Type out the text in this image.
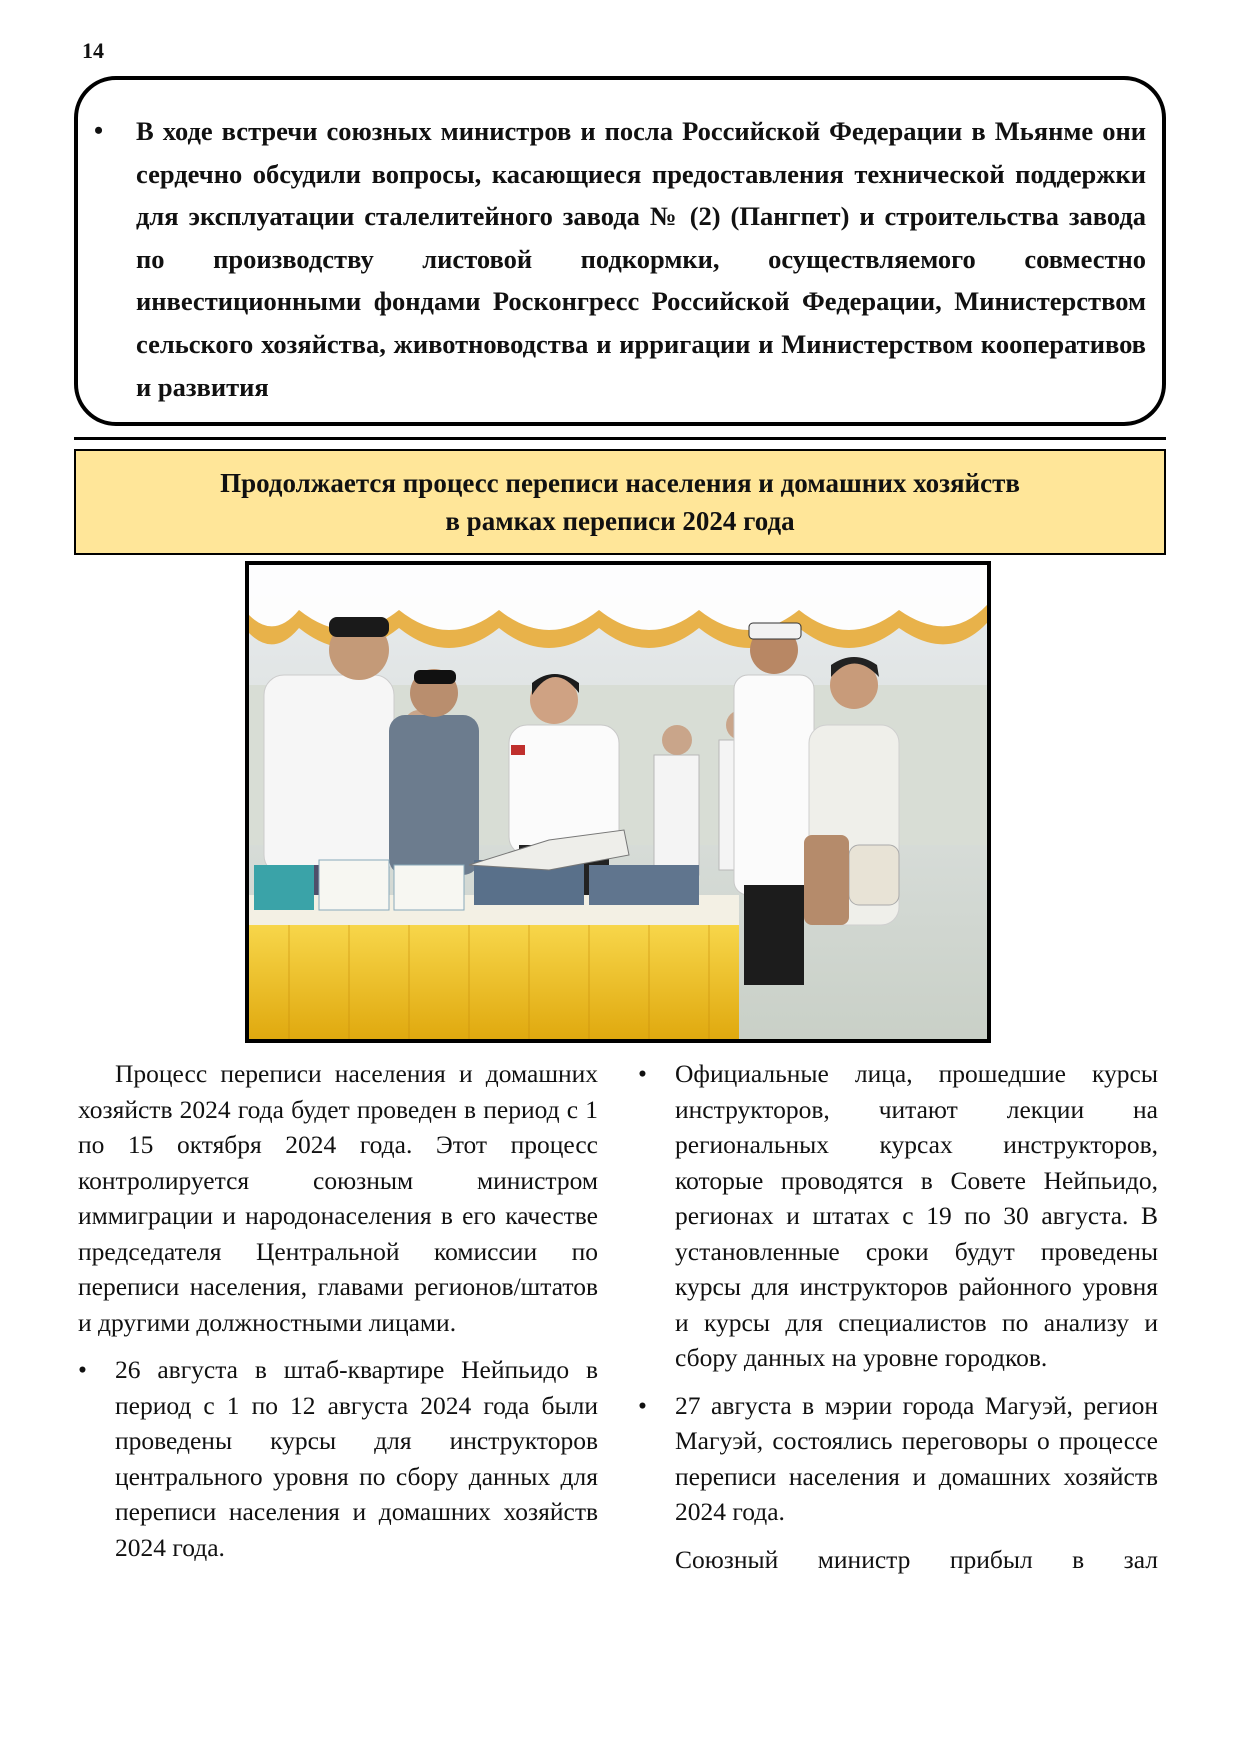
14
• В ходе встречи союзных министров и посла Российской Федерации в Мьянме они сердечно обсудили вопросы, касающиеся предоставления технической поддержки для эксплуатации сталелитейного завода № (2) (Пангпет) и строительства завода по производству листовой подкормки, осуществляемого совместно инвестиционными фондами Росконгресс Российской Федерации, Министерством сельского хозяйства, животноводства и ирригации и Министерством кооперативов и развития
Продолжается процесс переписи населения и домашних хозяйств
в рамках переписи 2024 года

Процесс переписи населения и домашних хозяйств 2024 года будет проведен в период с 1 по 15 октября 2024 года. Этот процесс контролируется союзным министром иммиграции и народонаселения в его качестве председателя Центральной комиссии по переписи населения, главами регионов/штатов и другими должностными лицами.

• 26 августа в штаб-квартире Нейпьидо в период с 1 по 12 августа 2024 года были проведены курсы для инструкторов центрального уровня по сбору данных для переписи населения и домашних хозяйств 2024 года.

• Официальные лица, прошедшие курсы инструкторов, читают лекции на региональных курсах инструкторов, которые проводятся в Совете Нейпьидо, регионах и штатах с 19 по 30 августа. В установленные сроки будут проведены курсы для инструкторов районного уровня и курсы для специалистов по анализу и сбору данных на уровне городков.

• 27 августа в мэрии города Магуэй, регион Магуэй, состоялись переговоры о процессе переписи населения и домашних хозяйств 2024 года.

Союзный министр прибыл в зал
